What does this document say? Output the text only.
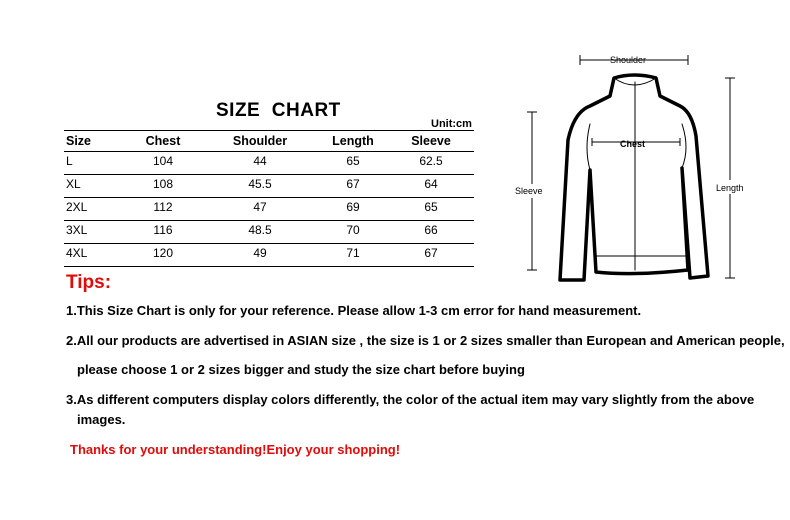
SIZE  CHART
Unit:cm
Size	Chest	Shoulder	Length	Sleeve
L	104	44	65	62.5
XL	108	45.5	67	64
2XL	112	47	69	65
3XL	116	48.5	70	66
4XL	120	49	71	67
Shoulder
Sleeve	Length
Chest
Tips:
1.This Size Chart is only for your reference. Please allow 1-3 cm error for hand measurement.
2.All our products are advertised in ASIAN size , the size is 1 or 2 sizes smaller than European and American people,
please choose 1 or 2 sizes bigger and study the size chart before buying
3.As different computers display colors differently, the color of the actual item may vary slightly from the above
images.
Thanks for your understanding!Enjoy your shopping!
